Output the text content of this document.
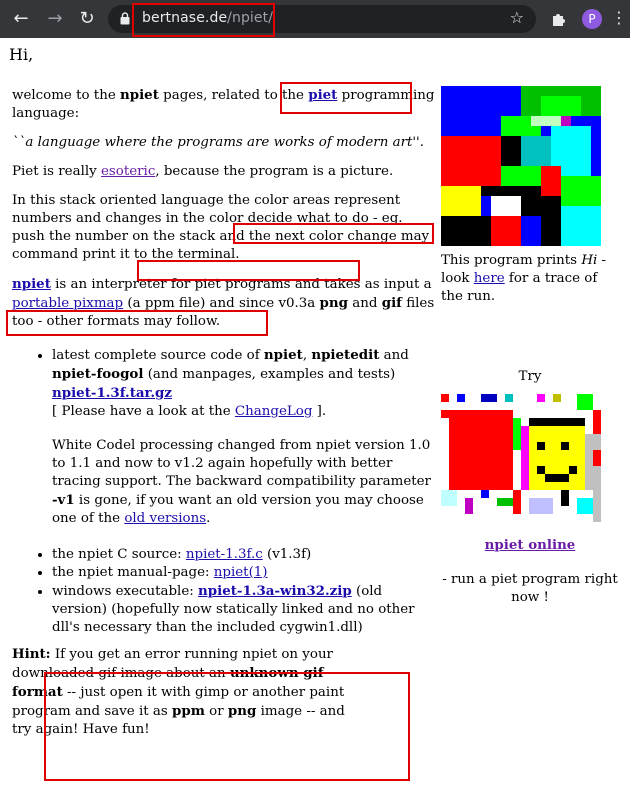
←	→ ↻	bertnase.de/npiet/	☆	P ⋮
Hi,

welcome to the npiet pages, related to the piet programming language:

``a language where the programs are works of modern art''.

Piet is really esoteric, because the program is a picture.

In this stack oriented language the color areas represent numbers and changes in the color decide what to do - eg. push the number on the stack and the next color change may command print it to the terminal.

npiet is an interpreter for piet programs and takes as input a portable pixmap (a ppm file) and since v0.3a png and gif files too - other formats may follow.

• latest complete source code of npiet, npietedit and npiet-foogol (and manpages, examples and tests) npiet-1.3f.tar.gz
[ Please have a look at the ChangeLog ].
White Codel processing changed from npiet version 1.0 to 1.1 and now to v1.2 again hopefully with better tracing support. The backward compatibility parameter -v1 is gone, if you want an old version you may choose one of the old versions.
• the npiet C source: npiet-1.3f.c (v1.3f)
• the npiet manual-page: npiet(1)
• windows executable: npiet-1.3a-win32.zip (old version) (hopefully now statically linked and no other dll's necessary than the included cygwin1.dll)

Hint: If you get an error running npiet on your downloaded gif image about an unknown gif format -- just open it with gimp or another paint program and save it as ppm or png image -- and try again! Have fun!

This program prints Hi - look here for a trace of the run.
Try
npiet online
- run a piet program right now !
